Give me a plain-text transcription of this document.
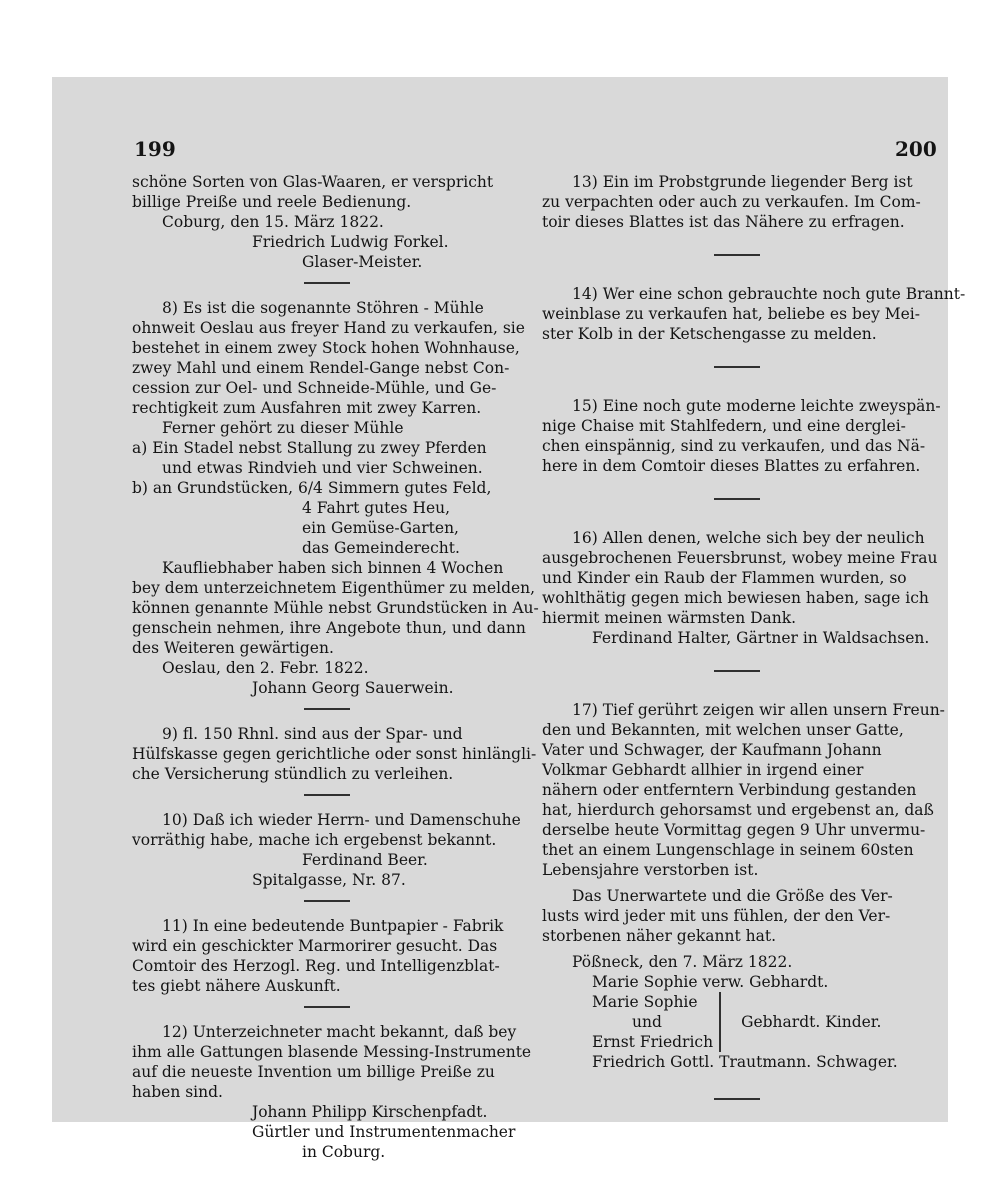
199	200
schöne Sorten von Glas-Waaren, er verspricht
billige Preiße und reele Bedienung.
Coburg, den 15. März 1822.
Friedrich Ludwig Forkel.
Glaser-Meister.
8) Es ist die sogenannte Stöhren - Mühle
ohnweit Oeslau aus freyer Hand zu verkaufen, sie
bestehet in einem zwey Stock hohen Wohnhause,
zwey Mahl und einem Rendel-Gange nebst Con-
cession zur Oel- und Schneide-Mühle, und Ge-
rechtigkeit zum Ausfahren mit zwey Karren.
Ferner gehört zu dieser Mühle
a) Ein Stadel nebst Stallung zu zwey Pferden
und etwas Rindvieh und vier Schweinen.
b) an Grundstücken, 6/4 Simmern gutes Feld,
4 Fahrt gutes Heu,
ein Gemüse-Garten,
das Gemeinderecht.
Kaufliebhaber haben sich binnen 4 Wochen
bey dem unterzeichnetem Eigenthümer zu melden,
können genannte Mühle nebst Grundstücken in Au-
genschein nehmen, ihre Angebote thun, und dann
des Weiteren gewärtigen.
Oeslau, den 2. Febr. 1822.
Johann Georg Sauerwein.
9) fl. 150 Rhnl. sind aus der Spar- und
Hülfskasse gegen gerichtliche oder sonst hinlängli-
che Versicherung stündlich zu verleihen.
10) Daß ich wieder Herrn- und Damenschuhe
vorräthig habe, mache ich ergebenst bekannt.
Ferdinand Beer.
Spitalgasse, Nr. 87.
11) In eine bedeutende Buntpapier - Fabrik
wird ein geschickter Marmorirer gesucht. Das
Comtoir des Herzogl. Reg. und Intelligenzblat-
tes giebt nähere Auskunft.
12) Unterzeichneter macht bekannt, daß bey
ihm alle Gattungen blasende Messing-Instrumente
auf die neueste Invention um billige Preiße zu
haben sind.
Johann Philipp Kirschenpfadt.
Gürtler und Instrumentenmacher
in Coburg.
13) Ein im Probstgrunde liegender Berg ist
zu verpachten oder auch zu verkaufen. Im Com-
toir dieses Blattes ist das Nähere zu erfragen.
14) Wer eine schon gebrauchte noch gute Brannt-
weinblase zu verkaufen hat, beliebe es bey Mei-
ster Kolb in der Ketschengasse zu melden.
15) Eine noch gute moderne leichte zweyspän-
nige Chaise mit Stahlfedern, und eine derglei-
chen einspännig, sind zu verkaufen, und das Nä-
here in dem Comtoir dieses Blattes zu erfahren.
16) Allen denen, welche sich bey der neulich
ausgebrochenen Feuersbrunst, wobey meine Frau
und Kinder ein Raub der Flammen wurden, so
wohlthätig gegen mich bewiesen haben, sage ich
hiermit meinen wärmsten Dank.
Ferdinand Halter, Gärtner in Waldsachsen.
17) Tief gerührt zeigen wir allen unsern Freun-
den und Bekannten, mit welchen unser Gatte,
Vater und Schwager, der Kaufmann Johann
Volkmar Gebhardt allhier in irgend einer
nähern oder entferntern Verbindung gestanden
hat, hierdurch gehorsamst und ergebenst an, daß
derselbe heute Vormittag gegen 9 Uhr unvermu-
thet an einem Lungenschlage in seinem 60sten
Lebensjahre verstorben ist.
Das Unerwartete und die Größe des Ver-
lusts wird jeder mit uns fühlen, der den Ver-
storbenen näher gekannt hat.
Pößneck, den 7. März 1822.
Marie Sophie verw. Gebhardt.
Marie Sophie
und
Ernst Friedrich
Gebhardt. Kinder.
Friedrich Gottl. Trautmann. Schwager.
